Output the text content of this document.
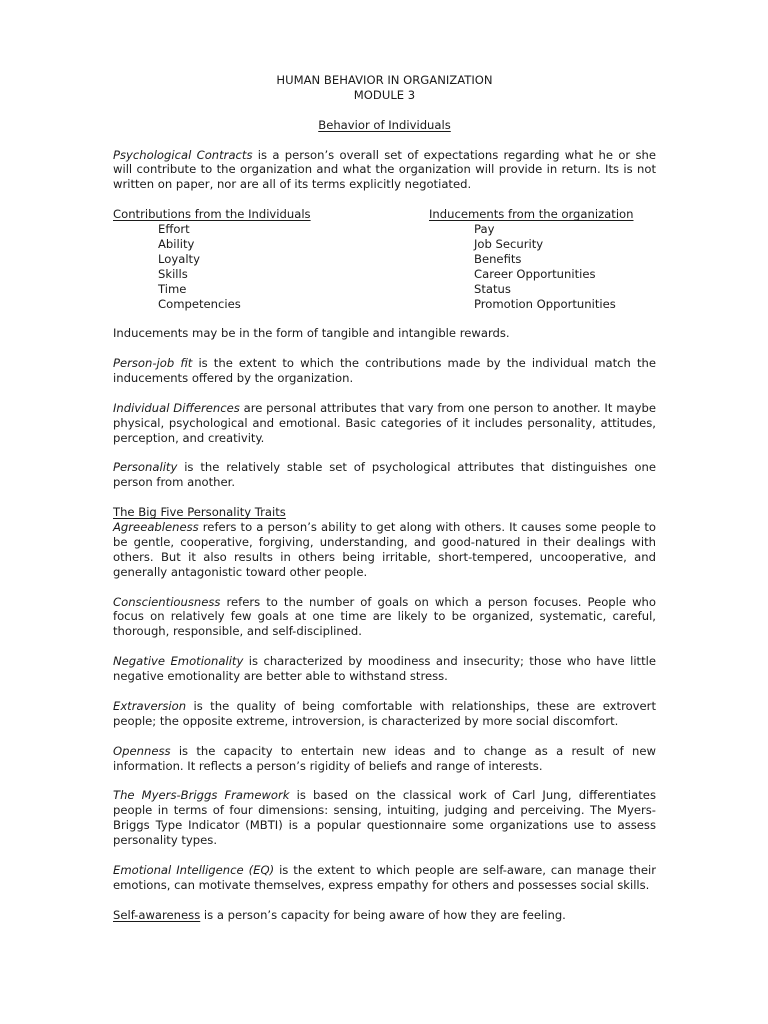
HUMAN BEHAVIOR IN ORGANIZATION

MODULE 3

Behavior of Individuals

Psychological Contracts is a person’s overall set of expectations regarding what he or she will contribute to the organization and what the organization will provide in return. Its is not written on paper, nor are all of its terms explicitly negotiated.

Contributions from the Individuals
Effort
Ability
Loyalty
Skills
Time
Competencies
Inducements from the organization
Pay
Job Security
Benefits
Career Opportunities
Status
Promotion Opportunities

Inducements may be in the form of tangible and intangible rewards.

Person-job fit is the extent to which the contributions made by the individual match the inducements offered by the organization.

Individual Differences are personal attributes that vary from one person to another. It maybe physical, psychological and emotional. Basic categories of it includes personality, attitudes, perception, and creativity.

Personality is the relatively stable set of psychological attributes that distinguishes one person from another.

The Big Five Personality Traits

Agreeableness refers to a person’s ability to get along with others. It causes some people to be gentle, cooperative, forgiving, understanding, and good-natured in their dealings with others. But it also results in others being irritable, short-tempered, uncooperative, and generally antagonistic toward other people.

Conscientiousness refers to the number of goals on which a person focuses. People who focus on relatively few goals at one time are likely to be organized, systematic, careful, thorough, responsible, and self-disciplined.

Negative Emotionality is characterized by moodiness and insecurity; those who have little negative emotionality are better able to withstand stress.

Extraversion is the quality of being comfortable with relationships, these are extrovert people; the opposite extreme, introversion, is characterized by more social discomfort.

Openness is the capacity to entertain new ideas and to change as a result of new information. It reflects a person’s rigidity of beliefs and range of interests.

The Myers-Briggs Framework is based on the classical work of Carl Jung, differentiates people in terms of four dimensions: sensing, intuiting, judging and perceiving. The Myers-Briggs Type Indicator (MBTI) is a popular questionnaire some organizations use to assess personality types.

Emotional Intelligence (EQ) is the extent to which people are self-aware, can manage their emotions, can motivate themselves, express empathy for others and possesses social skills.

Self-awareness is a person’s capacity for being aware of how they are feeling.
